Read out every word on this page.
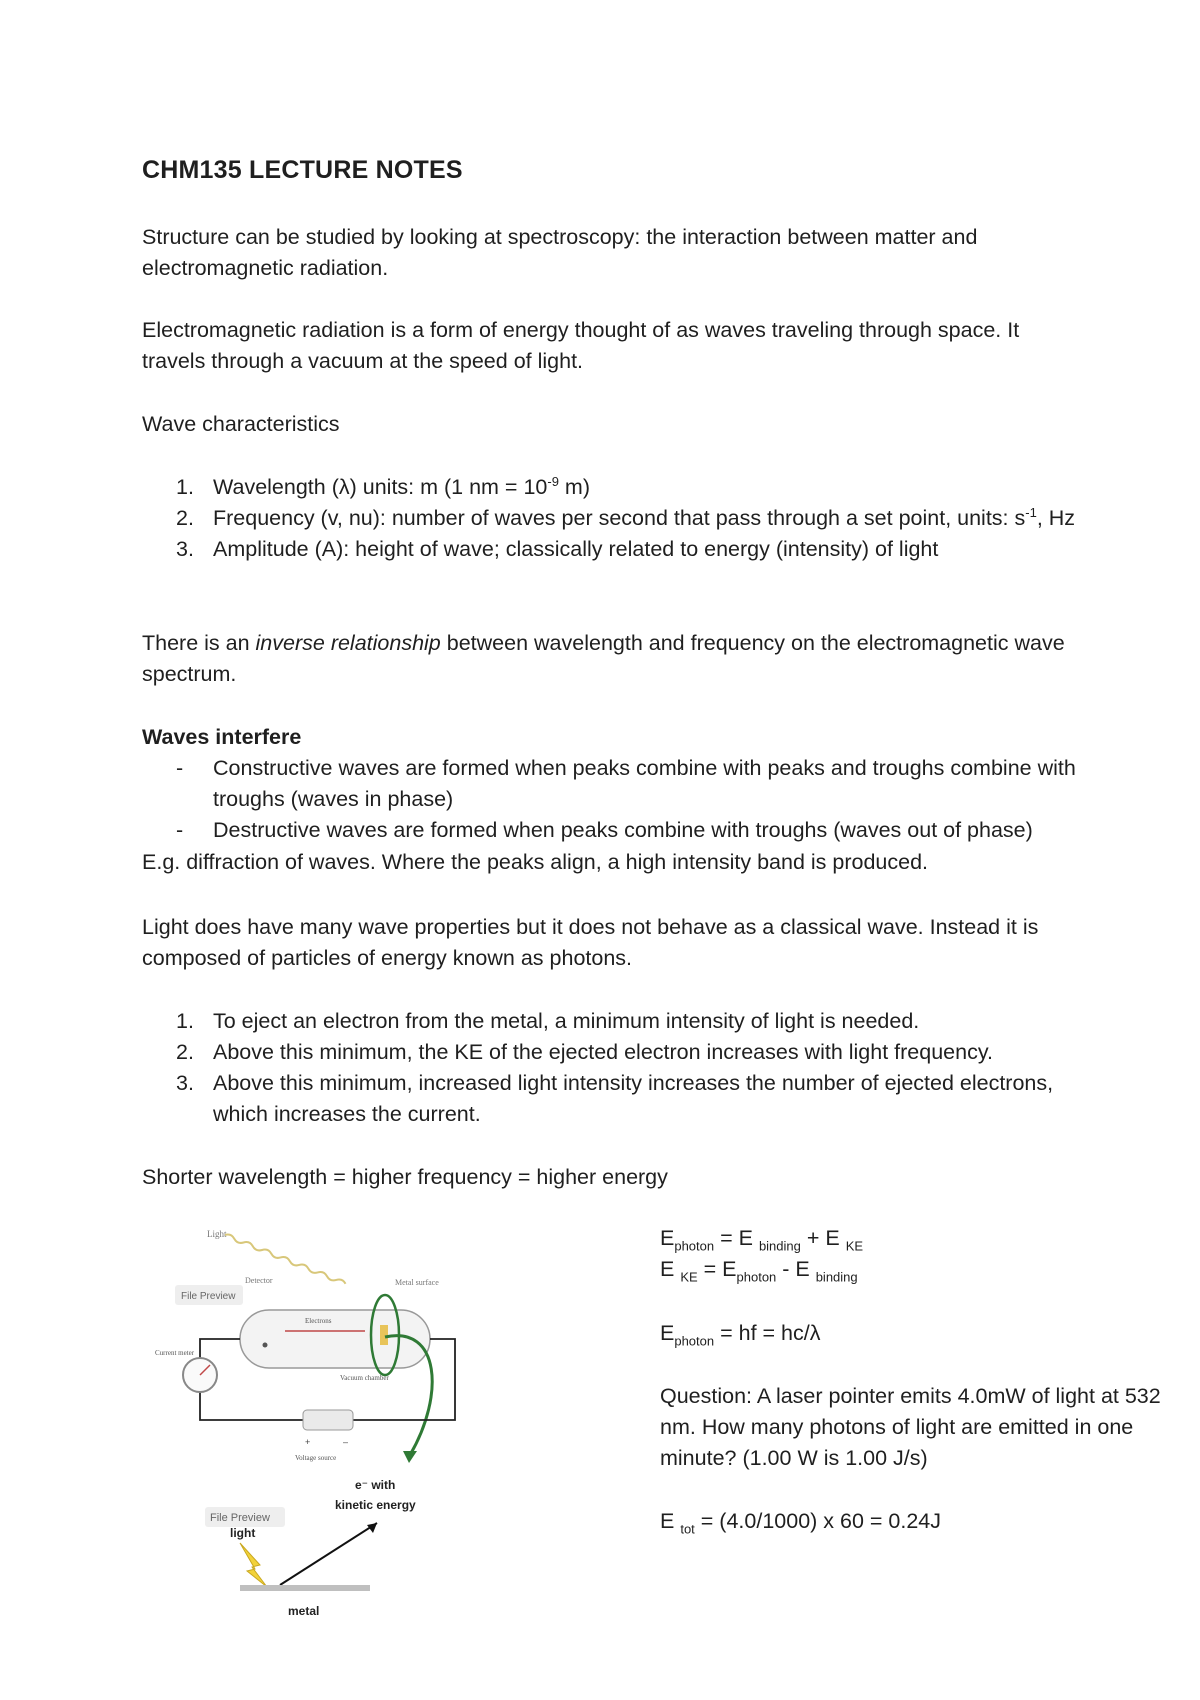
CHM135 LECTURE NOTES
Structure can be studied by looking at spectroscopy: the interaction between matter and electromagnetic radiation.
Electromagnetic radiation is a form of energy thought of as waves traveling through space. It travels through a vacuum at the speed of light.
Wave characteristics
1. Wavelength (λ) units: m (1 nm = $10^{-9}$ m)
2. Frequency (v, nu): number of waves per second that pass through a set point, units: $s^{-1}$, Hz
3. Amplitude (A): height of wave; classically related to energy (intensity) of light
There is an inverse relationship between wavelength and frequency on the electromagnetic wave spectrum.
Waves interfere
- Constructive waves are formed when peaks combine with peaks and troughs combine with troughs (waves in phase)
- Destructive waves are formed when peaks combine with troughs (waves out of phase)
E.g. diffraction of waves. Where the peaks align, a high intensity band is produced.
Light does have many wave properties but it does not behave as a classical wave. Instead it is composed of particles of energy known as photons.
1. To eject an electron from the metal, a minimum intensity of light is needed.
2. Above this minimum, the KE of the ejected electron increases with light frequency.
3. Above this minimum, increased light intensity increases the number of ejected electrons, which increases the current.
Shorter wavelength = higher frequency = higher energy
$E_{photon} = E$ $_{binding}$ + E $_{KE}$
E $_{KE} = E_{photon} - E$ $_{binding}$
$E_{photon}$ = hf = hc/λ
Question: A laser pointer emits 4.0mW of light at 532 nm. How many photons of light are emitted in one minute? (1.00 W is 1.00 J/s)
E $_{tot}$ = (4.0/1000) x 60 = 0.24J
Light
Detector	Metal surface
File Preview
Electrons
Vacuum chamber
Current meter
+	–
Voltage source
e⁻ with
kinetic energy
File Preview
light
metal
